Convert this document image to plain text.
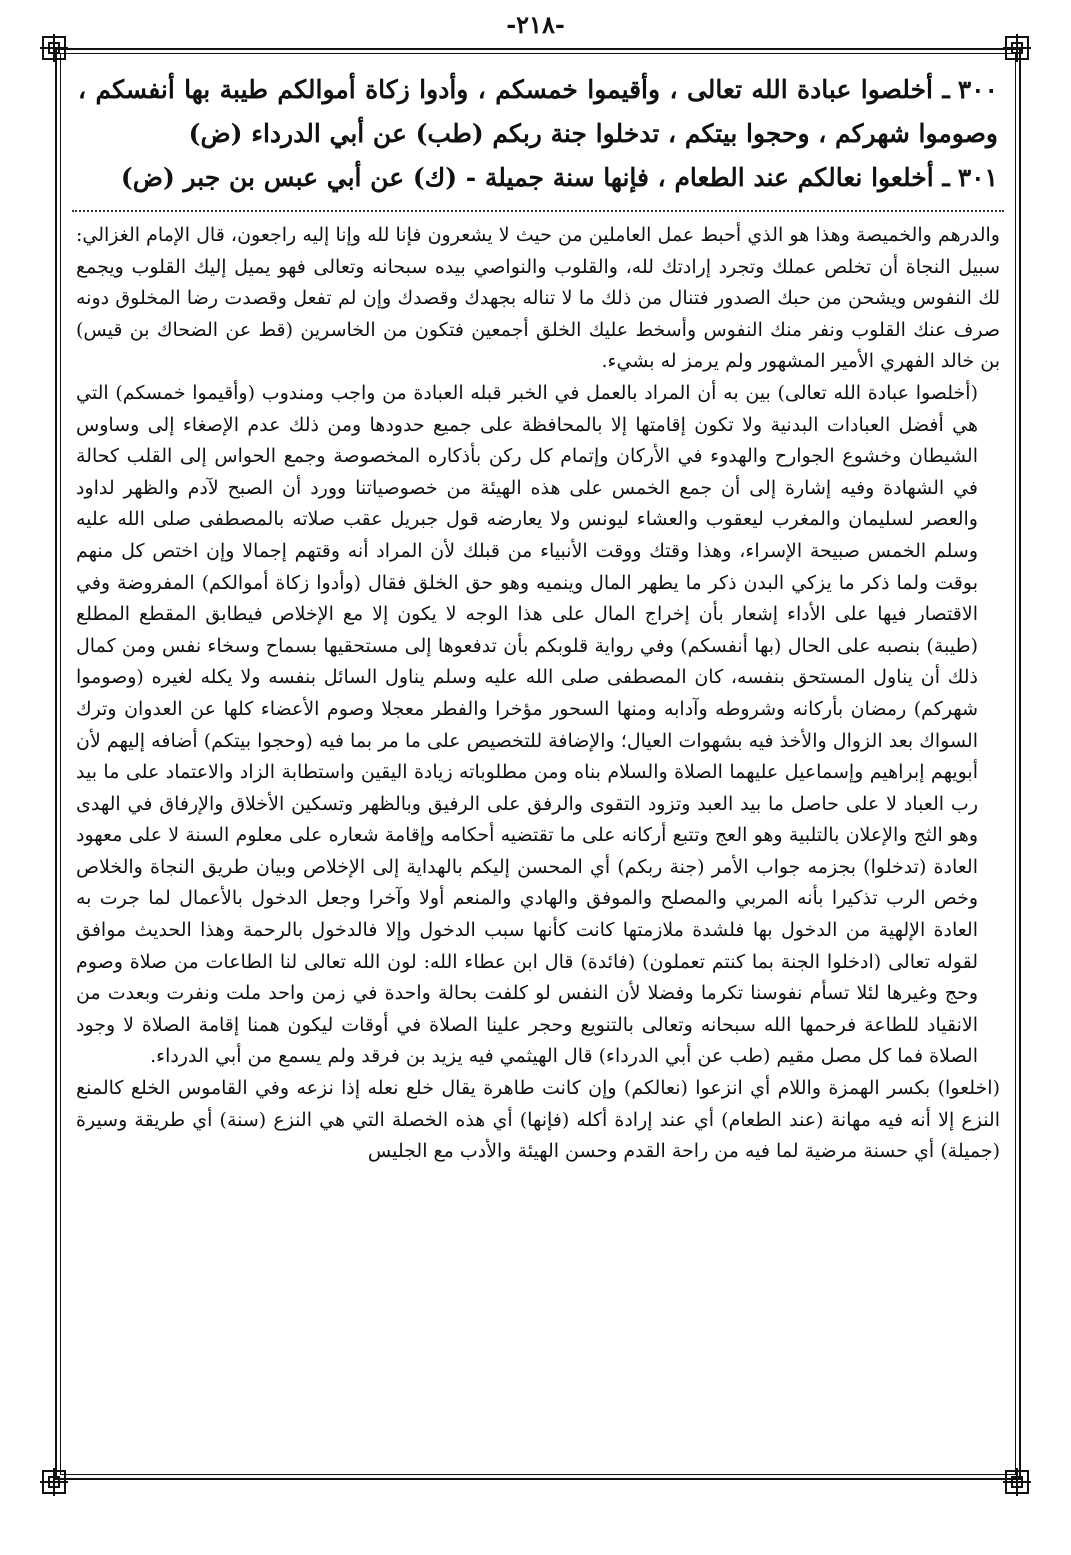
-٢١٨-

٣٠٠ـ أخلصوا عبادة الله تعالى ، وأقيموا خمسكم ، وأدوا زكاة أموالكم طيبة بها أنفسكم ، وصوموا شهركم ، وحجوا بيتكم ، تدخلوا جنة ربكم (طب) عن أبي الدرداء (ض)

٣٠١ـ أخلعوا نعالكم عند الطعام ، فإنها سنة جميلة - (ك) عن أبي عبس بن جبر (ض)

والدرهم والخميصة وهذا هو الذي أحبط عمل العاملين من حيث لا يشعرون فإنا لله وإنا إليه راجعون، قال الإمام الغزالي: سبيل النجاة أن تخلص عملك وتجرد إرادتك لله، والقلوب والنواصي بيده سبحانه وتعالى فهو يميل إليك القلوب ويجمع لك النفوس ويشحن من حبك الصدور فتنال من ذلك ما لا تناله بجهدك وقصدك وإن لم تفعل وقصدت رضا المخلوق دونه صرف عنك القلوب ونفر منك النفوس وأسخط عليك الخلق أجمعين فتكون من الخاسرين (قط عن الضحاك بن قيس) بن خالد الفهري الأمير المشهور ولم يرمز له بشيء.

(أخلصوا عبادة الله تعالى) بين به أن المراد بالعمل في الخبر قبله العبادة من واجب ومندوب (وأقيموا خمسكم) التي هي أفضل العبادات البدنية ولا تكون إقامتها إلا بالمحافظة على جميع حدودها ومن ذلك عدم الإصغاء إلى وساوس الشيطان وخشوع الجوارح والهدوء في الأركان وإتمام كل ركن بأذكاره المخصوصة وجمع الحواس إلى القلب كحالة في الشهادة وفيه إشارة إلى أن جمع الخمس على هذه الهيئة من خصوصياتنا وورد أن الصبح لآدم والظهر لداود والعصر لسليمان والمغرب ليعقوب والعشاء ليونس ولا يعارضه قول جبريل عقب صلاته بالمصطفى صلى الله عليه وسلم الخمس صبيحة الإسراء، وهذا وقتك ووقت الأنبياء من قبلك لأن المراد أنه وقتهم إجمالا وإن اختص كل منهم بوقت ولما ذكر ما يزكي البدن ذكر ما يطهر المال وينميه وهو حق الخلق فقال (وأدوا زكاة أموالكم) المفروضة وفي الاقتصار فيها على الأداء إشعار بأن إخراج المال على هذا الوجه لا يكون إلا مع الإخلاص فيطابق المقطع المطلع (طيبة) بنصبه على الحال (بها أنفسكم) وفي رواية قلوبكم بأن تدفعوها إلى مستحقيها بسماح وسخاء نفس ومن كمال ذلك أن يناول المستحق بنفسه، كان المصطفى صلى الله عليه وسلم يناول السائل بنفسه ولا يكله لغيره (وصوموا شهركم) رمضان بأركانه وشروطه وآدابه ومنها السحور مؤخرا والفطر معجلا وصوم الأعضاء كلها عن العدوان وترك السواك بعد الزوال والأخذ فيه بشهوات العيال؛ والإضافة للتخصيص على ما مر بما فيه (وحجوا بيتكم) أضافه إليهم لأن أبويهم إبراهيم وإسماعيل عليهما الصلاة والسلام بناه ومن مطلوباته زيادة اليقين واستطابة الزاد والاعتماد على ما بيد رب العباد لا على حاصل ما بيد العبد وتزود التقوى والرفق على الرفيق وبالظهر وتسكين الأخلاق والإرفاق في الهدى وهو الثج والإعلان بالتلبية وهو العج وتتبع أركانه على ما تقتضيه أحكامه وإقامة شعاره على معلوم السنة لا على معهود العادة (تدخلوا) بجزمه جواب الأمر (جنة ربكم) أي المحسن إليكم بالهداية إلى الإخلاص وبيان طريق النجاة والخلاص وخص الرب تذكيرا بأنه المربي والمصلح والموفق والهادي والمنعم أولا وآخرا وجعل الدخول بالأعمال لما جرت به العادة الإلهية من الدخول بها فلشدة ملازمتها كانت كأنها سبب الدخول وإلا فالدخول بالرحمة وهذا الحديث موافق لقوله تعالى (ادخلوا الجنة بما كنتم تعملون) (فائدة) قال ابن عطاء الله: لون الله تعالى لنا الطاعات من صلاة وصوم وحج وغيرها لئلا تسأم نفوسنا تكرما وفضلا لأن النفس لو كلفت بحالة واحدة في زمن واحد ملت ونفرت وبعدت من الانقياد للطاعة فرحمها الله سبحانه وتعالى بالتنويع وحجر علينا الصلاة في أوقات ليكون همنا إقامة الصلاة لا وجود الصلاة فما كل مصل مقيم (طب عن أبي الدرداء) قال الهيثمي فيه يزيد بن فرقد ولم يسمع من أبي الدرداء.

(اخلعوا) بكسر الهمزة واللام أي انزعوا (نعالكم) وإن كانت طاهرة يقال خلع نعله إذا نزعه وفي القاموس الخلع كالمنع النزع إلا أنه فيه مهانة (عند الطعام) أي عند إرادة أكله (فإنها) أي هذه الخصلة التي هي النزع (سنة) أي طريقة وسيرة (جميلة) أي حسنة مرضية لما فيه من راحة القدم وحسن الهيئة والأدب مع الجليس
